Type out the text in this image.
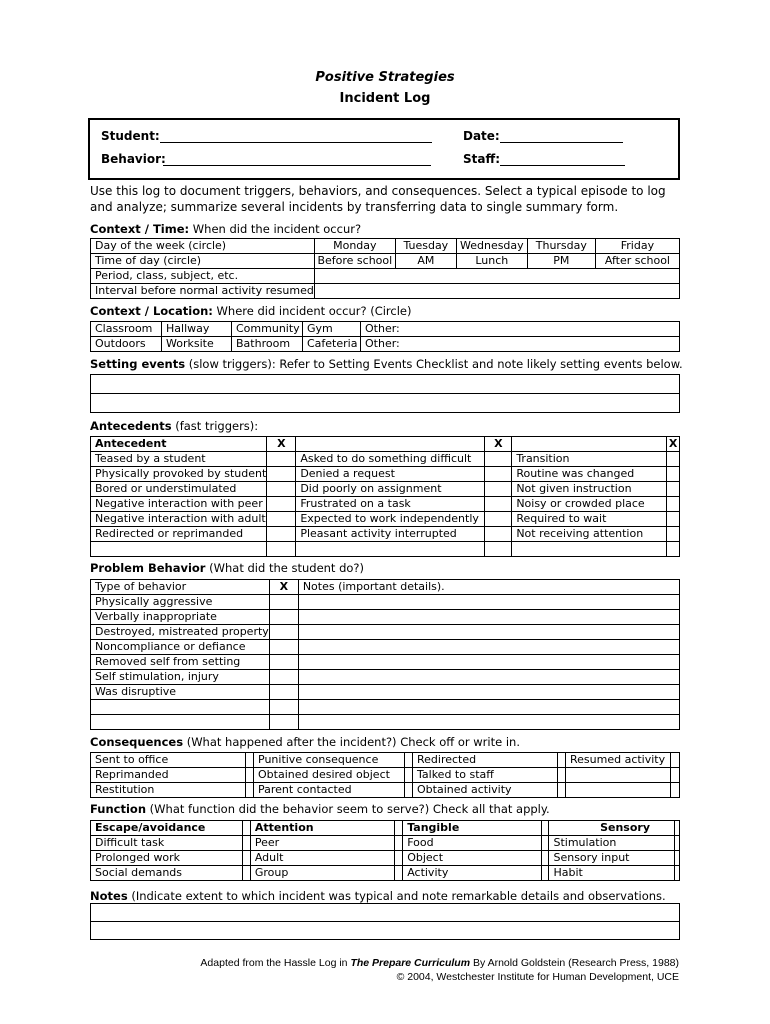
Positive Strategies
Incident Log
Student:	Date:
Behavior:	Staff:
Use this log to document triggers, behaviors, and consequences. Select a typical episode to log and analyze; summarize several incidents by transferring data to single summary form.
Context / Time: When did the incident occur?
Day of the week (circle)	Monday	Tuesday	Wednesday	Thursday	Friday
Time of day (circle)	Before school	AM	Lunch	PM	After school
Period, class, subject, etc.					
Interval before normal activity resumed					
Context / Location: Where did incident occur? (Circle)
Classroom	Hallway	Community	Gym	Other:
Outdoors	Worksite	Bathroom	Cafeteria	Other:
Setting events (slow triggers): Refer to Setting Events Checklist and note likely setting events below.

Antecedents (fast triggers):
Antecedent	X		X		X
Teased by a student		Asked to do something difficult		Transition	
Physically provoked by student		Denied a request		Routine was changed	
Bored or understimulated		Did poorly on assignment		Not given instruction	
Negative interaction with peer		Frustrated on a task		Noisy or crowded place	
Negative interaction with adult		Expected to work independently		Required to wait	
Redirected or reprimanded		Pleasant activity interrupted		Not receiving attention	

Problem Behavior (What did the student do?)
Type of behavior	X	Notes (important details).
Physically aggressive		
Verbally inappropriate		
Destroyed, mistreated property		
Noncompliance or defiance		
Removed self from setting		
Self stimulation, injury		
Was disruptive		

Consequences (What happened after the incident?) Check off or write in.
Sent to office		Punitive consequence		Redirected		Resumed activity	
Reprimanded		Obtained desired object		Talked to staff			
Restitution		Parent contacted		Obtained activity			
Function (What function did the behavior seem to serve?) Check all that apply.
Escape/avoidance		Attention		Tangible		Sensory	
Difficult task		Peer		Food		Stimulation	
Prolonged work		Adult		Object		Sensory input	
Social demands		Group		Activity		Habit	
Notes (Indicate extent to which incident was typical and note remarkable details and observations.

Adapted from the Hassle Log in The Prepare Curriculum By Arnold Goldstein (Research Press, 1988)
© 2004, Westchester Institute for Human Development, UCE
